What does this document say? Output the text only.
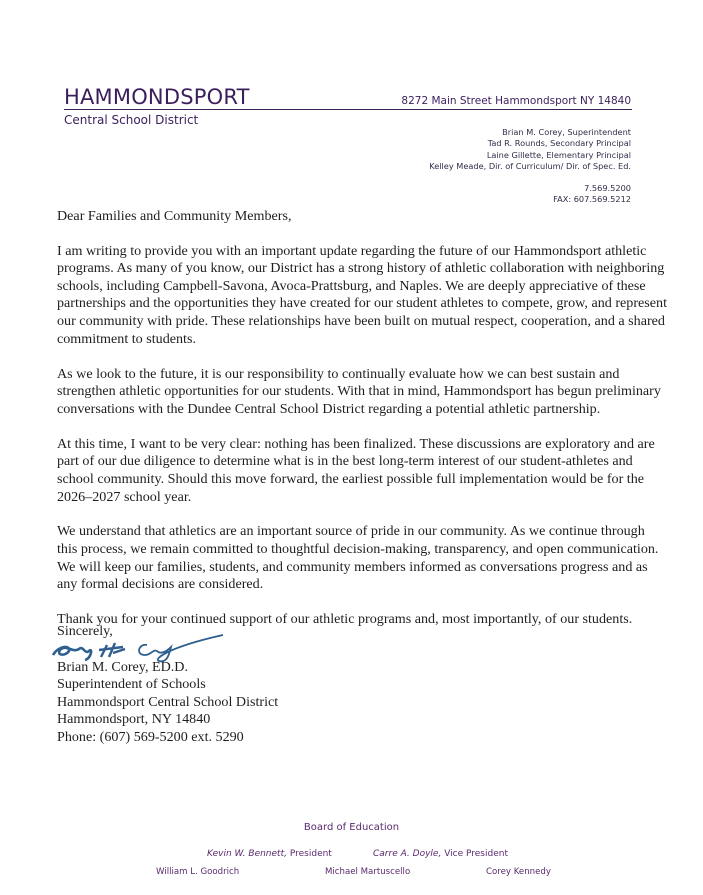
HAMMONDSPORT
Central School District
8272 Main Street Hammondsport NY 14840
Brian M. Corey, Superintendent
Tad R. Rounds, Secondary Principal
Laine Gillette, Elementary Principal
Kelley Meade, Dir. of Curriculum/ Dir. of Spec. Ed.
7.569.5200
FAX: 607.569.5212

Dear Families and Community Members,

I am writing to provide you with an important update regarding the future of our Hammondsport athletic programs. As many of you know, our District has a strong history of athletic collaboration with neighboring schools, including Campbell-Savona, Avoca-Prattsburg, and Naples. We are deeply appreciative of these partnerships and the opportunities they have created for our student athletes to compete, grow, and represent our community with pride. These relationships have been built on mutual respect, cooperation, and a shared commitment to students.

As we look to the future, it is our responsibility to continually evaluate how we can best sustain and strengthen athletic opportunities for our students. With that in mind, Hammondsport has begun preliminary conversations with the Dundee Central School District regarding a potential athletic partnership.

At this time, I want to be very clear: nothing has been finalized. These discussions are exploratory and are part of our due diligence to determine what is in the best long-term interest of our student-athletes and school community. Should this move forward, the earliest possible full implementation would be for the 2026–2027 school year.

We understand that athletics are an important source of pride in our community. As we continue through this process, we remain committed to thoughtful decision-making, transparency, and open communication. We will keep our families, students, and community members informed as conversations progress and as any formal decisions are considered.

Thank you for your continued support of our athletic programs and, most importantly, of our students.

Sincerely,
Brian M. Corey, ED.D.
Superintendent of Schools
Hammondsport Central School District
Hammondsport, NY 14840
Phone: (607) 569-5200 ext. 5290
Board of Education
Kevin W. Bennett, President	Carre A. Doyle, Vice President
William L. Goodrich	Michael Martuscello	Corey Kennedy
